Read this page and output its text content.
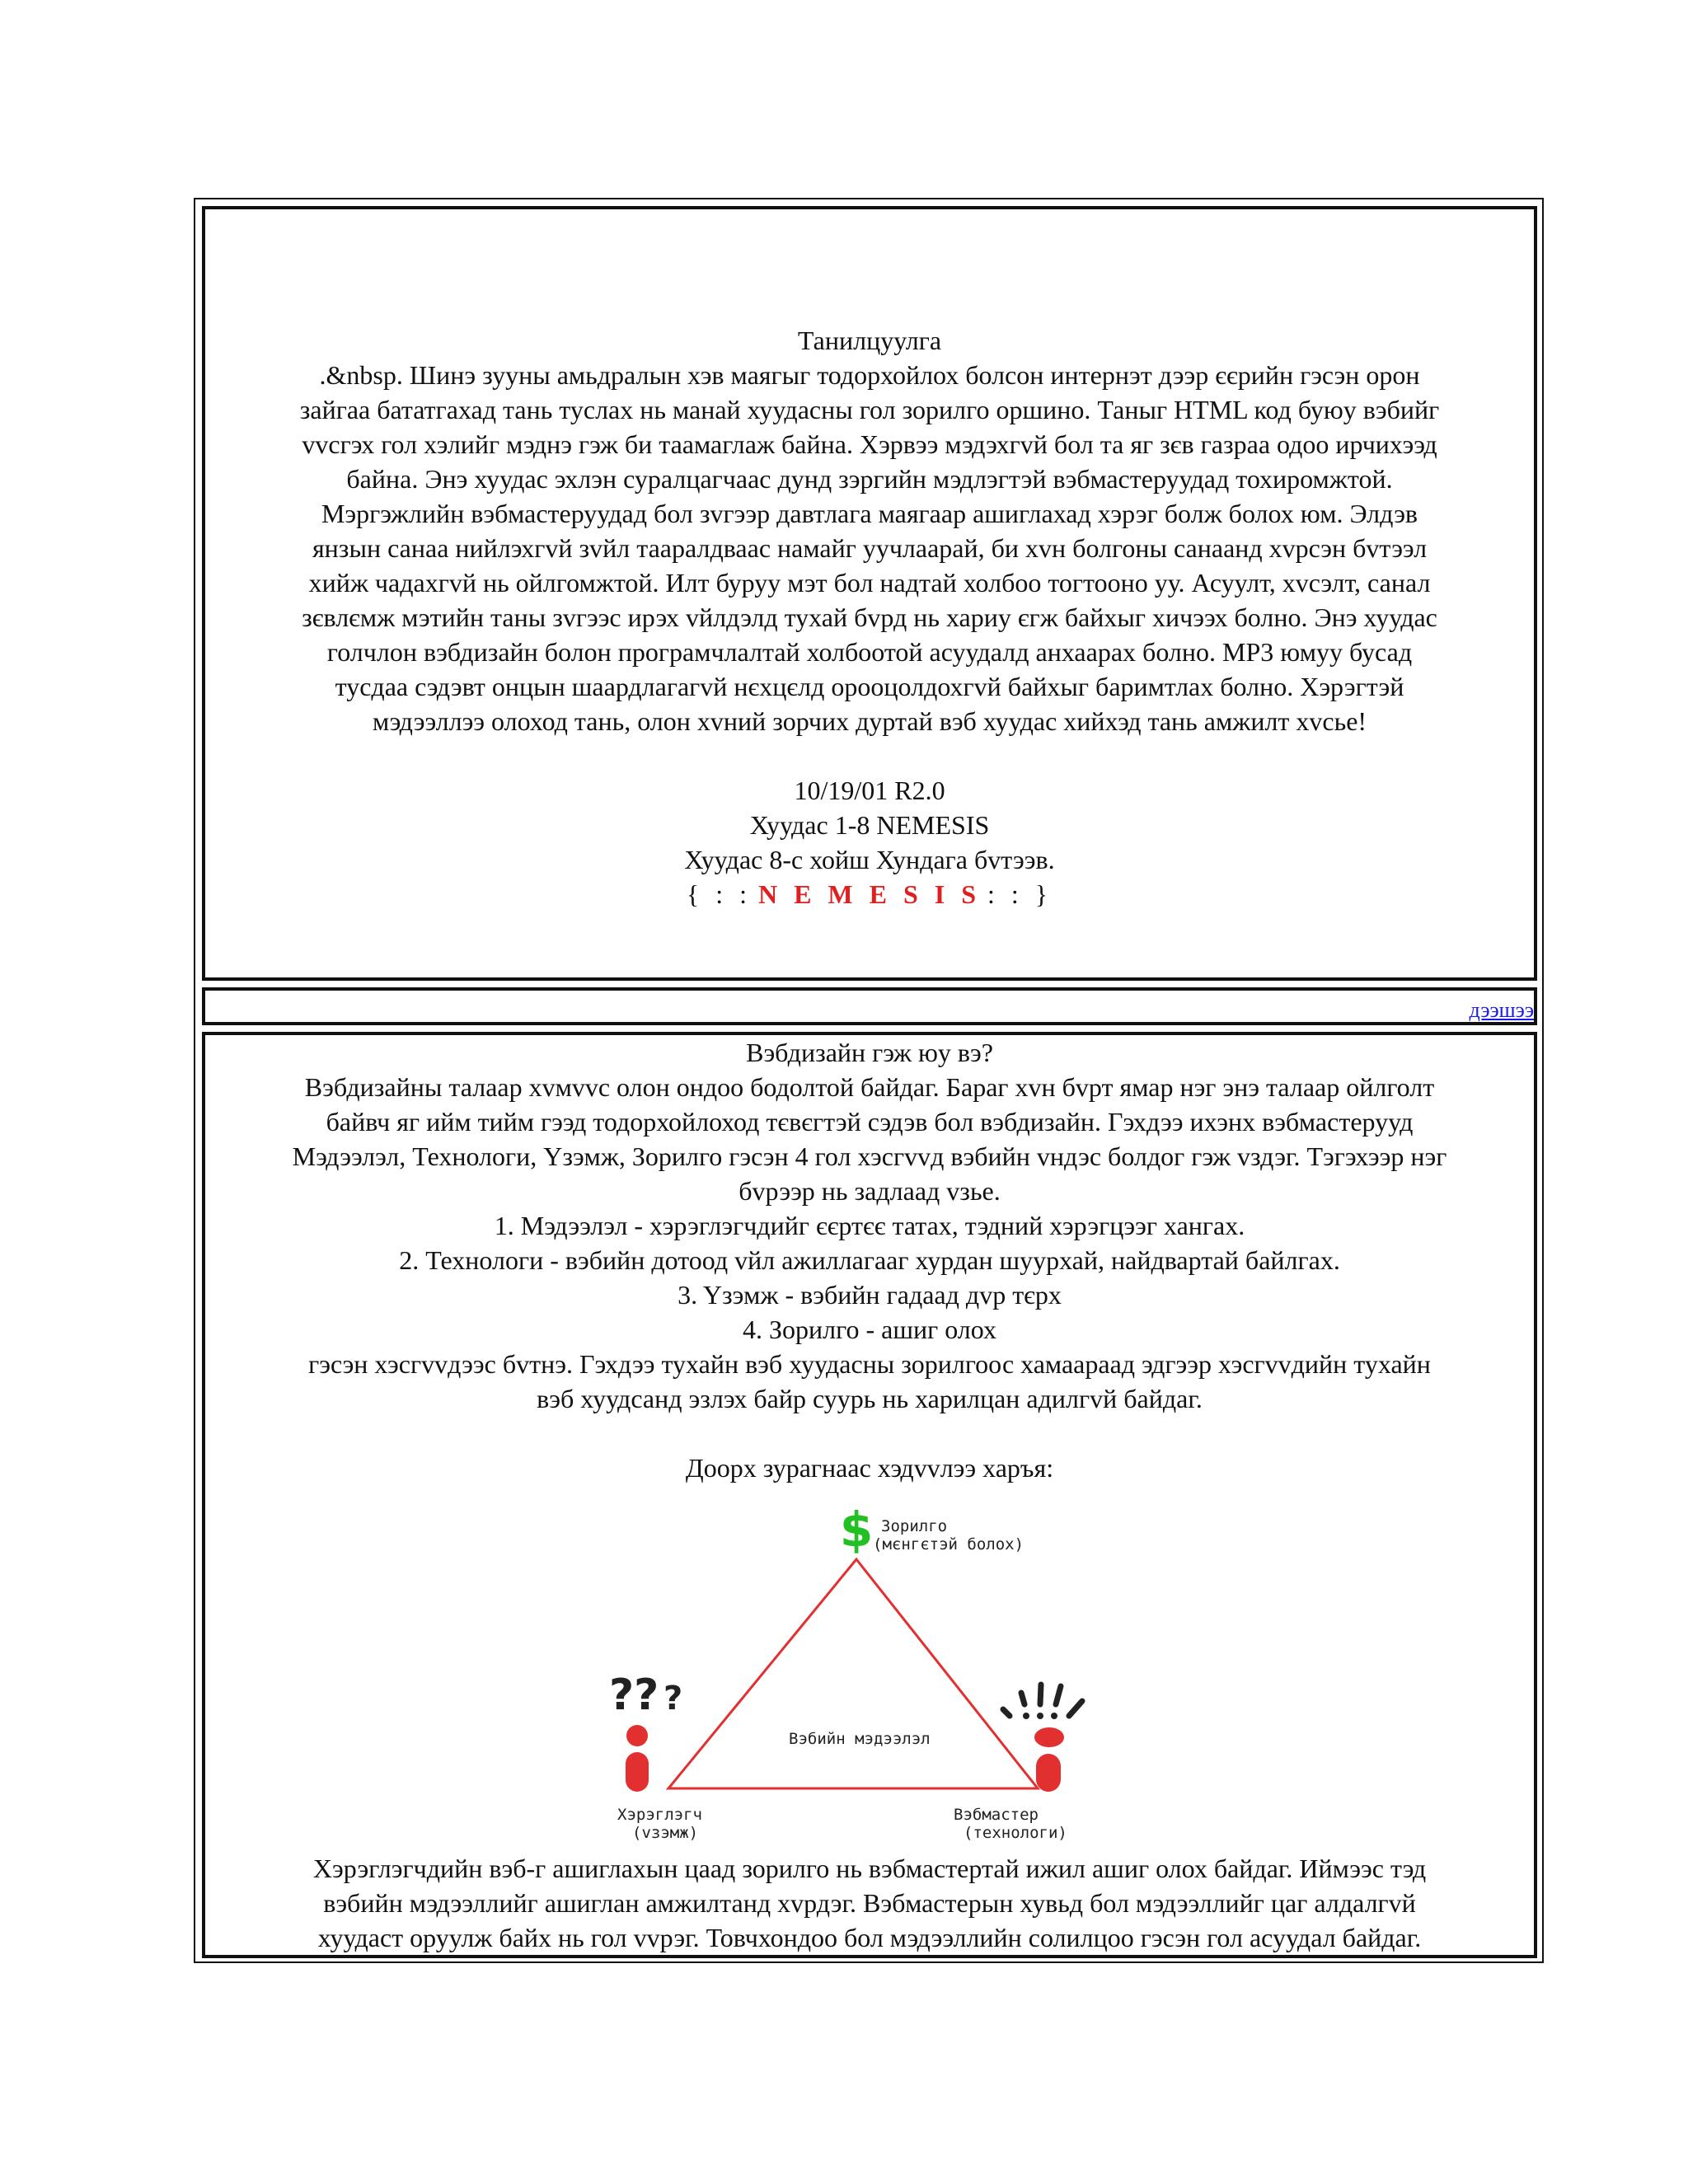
Танилцуулга
.&nbsp. Шинэ зууны амьдралын хэв маягыг тодорхойлох болсон интернэт дээр єєрийн гэсэн орон
зайгаа бататгахад тань туслах нь манай хуудасны гол зорилго оршино. Таныг HTML код буюу вэбийг
vvсгэх гол хэлийг мэднэ гэж би таамаглаж байна. Хэрвээ мэдэхгvй бол та яг зєв газраа одоо ирчихээд
байна. Энэ хуудас эхлэн суралцагчаас дунд зэргийн мэдлэгтэй вэбмастеруудад тохиромжтой.
Мэргэжлийн вэбмастеруудад бол зvгээр давтлага маягаар ашиглахад хэрэг болж болох юм. Элдэв
янзын санаа нийлэхгvй зvйл тааралдваас намайг уучлаарай, би хvн болгоны санаанд хvрсэн бvтээл
хийж чадахгvй нь ойлгомжтой. Илт буруу мэт бол надтай холбоо тогтооно уу. Асуулт, хvсэлт, санал
зєвлємж мэтийн таны зvгээс ирэх vйлдэлд тухай бvрд нь хариу єгж байхыг хичээх болно. Энэ хуудас
голчлон вэбдизайн болон програмчлалтай холбоотой асуудалд анхаарах болно. MP3 юмуу бусад
тусдаа сэдэвт онцын шаардлагагvй нєхцєлд орооцолдохгvй байхыг баримтлах болно. Хэрэгтэй
мэдээллээ олоход тань, олон хvний зорчих дуртай вэб хуудас хийхэд тань амжилт хvсье!
10/19/01 R2.0
Хуудас 1-8 NEMESIS
Хуудас 8-с хойш Хундага бvтээв.
{ : : N E M E S I S : : }
дээшээ
Вэбдизайн гэж юу вэ?
Вэбдизайны талаар хvмvvс олон ондоо бодолтой байдаг. Бараг хvн бvрт ямар нэг энэ талаар ойлголт
байвч яг ийм тийм гээд тодорхойлоход тєвєгтэй сэдэв бол вэбдизайн. Гэхдээ ихэнх вэбмастерууд
Мэдээлэл, Технологи, Yзэмж, Зорилго гэсэн 4 гол хэсгvvд вэбийн vндэс болдог гэж vздэг. Тэгэхээр нэг
бvрээр нь задлаад vзье.
1. Мэдээлэл - хэрэглэгчдийг єєртєє татах, тэдний хэрэгцээг хангах.
2. Технологи - вэбийн дотоод vйл ажиллагааг хурдан шуурхай, найдвартай байлгах.
3. Yзэмж - вэбийн гадаад дvр тєрх
4. Зорилго - ашиг олох
гэсэн хэсгvvдээс бvтнэ. Гэхдээ тухайн вэб хуудасны зорилгоос хамаараад эдгээр хэсгvvдийн тухайн
вэб хуудсанд эзлэх байр суурь нь харилцан адилгvй байдаг.
Доорх зурагнаас хэдvvлээ харъя:
$ Зорилго
(мєнгєтэй болох)
Вэбийн мэдээлэл
?? ?
Хэрэглэгч
(vзэмж)
Вэбмастер
(технологи)
Хэрэглэгчдийн вэб-г ашиглахын цаад зорилго нь вэбмастертай ижил ашиг олох байдаг. Иймээс тэд
вэбийн мэдээллийг ашиглан амжилтанд хvрдэг. Вэбмастерын хувьд бол мэдээллийг цаг алдалгvй
хуудаст оруулж байх нь гол vvрэг. Товчхондоо бол мэдээллийн солилцоо гэсэн гол асуудал байдаг.
